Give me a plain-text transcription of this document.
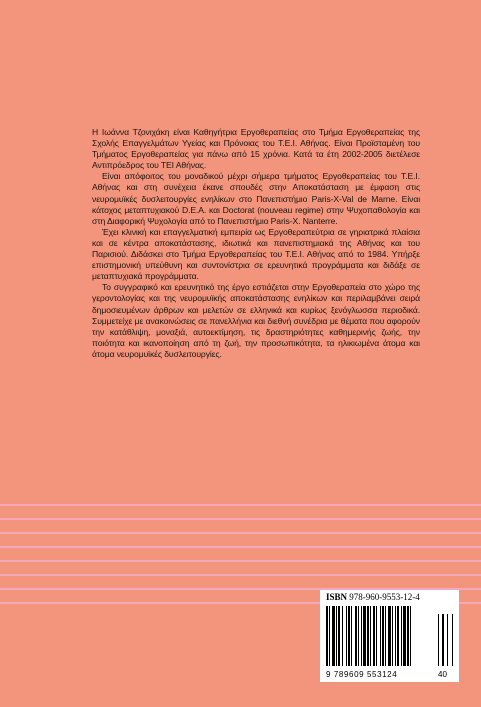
Η Ιωάννα Τζονιχάκη είναι Καθηγήτρια Εργοθεραπείας στο Τμήμα Εργοθεραπείας της Σχολής Επαγγελμάτων Υγείας και Πρόνοιας του Τ.Ε.Ι. Αθήνας. Είναι Προϊσταμένη του Τμήματος Εργοθεραπείας για πάνω από 15 χρόνια. Κατά τα έτη 2002-2005 διετέλεσε Αντιπρόεδρος του ΤΕΙ Αθήνας.

Είναι απόφοιτος του μοναδικού μέχρι σήμερα τμήματος Εργοθεραπείας του Τ.Ε.Ι. Αθήνας και στη συνέχεια έκανε σπουδές στην Αποκατάσταση με έμφαση στις νευρομυϊκές δυσλειτουργίες ενηλίκων στο Πανεπιστήμιο Paris-X-Val de Marne. Είναι κάτοχος μεταπτυχιακού D.E.A. και Doctorat (nouveau regime) στην Ψυχοπαθολογία και στη Διαφορική Ψυχολογία από το Πανεπιστήμιο Paris-X. Nanterre.

Έχει κλινική και επαγγελματική εμπειρία ως Εργοθεραπεύτρια σε γηριατρικά πλαίσια και σε κέντρα αποκατάστασης, ιδιωτικά και πανεπιστημιακά της Αθήνας και του Παρισιού. Διδάσκει στο Τμήμα Εργοθεραπείας του Τ.Ε.Ι. Αθήνας από το 1984. Υπήρξε επιστημονική υπεύθυνη και συντονίστρια σε ερευνητικά προγράμματα και διδάξε σε μεταπτυχιακά προγράμματα.

Το συγγραφικό και ερευνητικό της έργο εστιάζεται στην Εργοθεραπεία στο χώρο της γεροντολογίας και της νευρομυϊκής αποκατάστασης ενηλίκων και περιλαμβάνει σειρά δημοσιευμένων άρθρων και μελετών σε ελληνικά και κυρίως ξενόγλωσσα περιοδικά. Συμμετείχε με ανακοινώσεις σε πανελλήνια και διεθνή συνέδρια με θέματα που αφορούν την κατάθλιψη, μοναξιά, αυτοεκτίμηση, τις δραστηριότητες καθημερινής ζωής, την ποιότητα και ικανοποίηση από τη ζωή, την προσωπικότητα, τα ηλικιωμένα άτομα και άτομα νευρομυϊκές δυσλειτουργίες.

ISBN 978-960-9553-12-4
9 789609 553124	40
